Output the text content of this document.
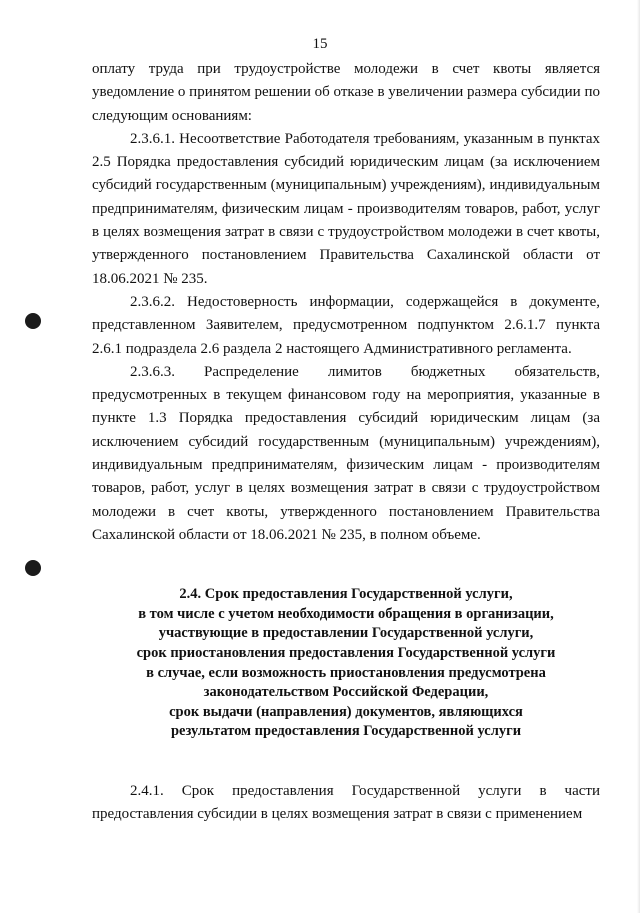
15

оплату труда при трудоустройстве молодежи в счет квоты является уведомление о принятом решении об отказе в увеличении размера субсидии по следующим основаниям:

2.3.6.1. Несоответствие Работодателя требованиям, указанным в пунктах 2.5 Порядка предоставления субсидий юридическим лицам (за исключением субсидий государственным (муниципальным) учреждениям), индивидуальным предпринимателям, физическим лицам - производителям товаров, работ, услуг в целях возмещения затрат в связи с трудоустройством молодежи в счет квоты, утвержденного постановлением Правительства Сахалинской области от 18.06.2021 № 235.

2.3.6.2. Недостоверность информации, содержащейся в документе, представленном Заявителем, предусмотренном подпунктом 2.6.1.7 пункта 2.6.1 подраздела 2.6 раздела 2 настоящего Административного регламента.

2.3.6.3. Распределение лимитов бюджетных обязательств, предусмотренных в текущем финансовом году на мероприятия, указанные в пункте 1.3 Порядка предоставления субсидий юридическим лицам (за исключением субсидий государственным (муниципальным) учреждениям), индивидуальным предпринимателям, физическим лицам - производителям товаров, работ, услуг в целях возмещения затрат в связи с трудоустройством молодежи в счет квоты, утвержденного постановлением Правительства Сахалинской области от 18.06.2021 № 235, в полном объеме.

2.4. Срок предоставления Государственной услуги,
в том числе с учетом необходимости обращения в организации,
участвующие в предоставлении Государственной услуги,
срок приостановления предоставления Государственной услуги
в случае, если возможность приостановления предусмотрена
законодательством Российской Федерации,
срок выдачи (направления) документов, являющихся
результатом предоставления Государственной услуги

2.4.1. Срок предоставления Государственной услуги в части предоставления субсидии в целях возмещения затрат в связи с применением
